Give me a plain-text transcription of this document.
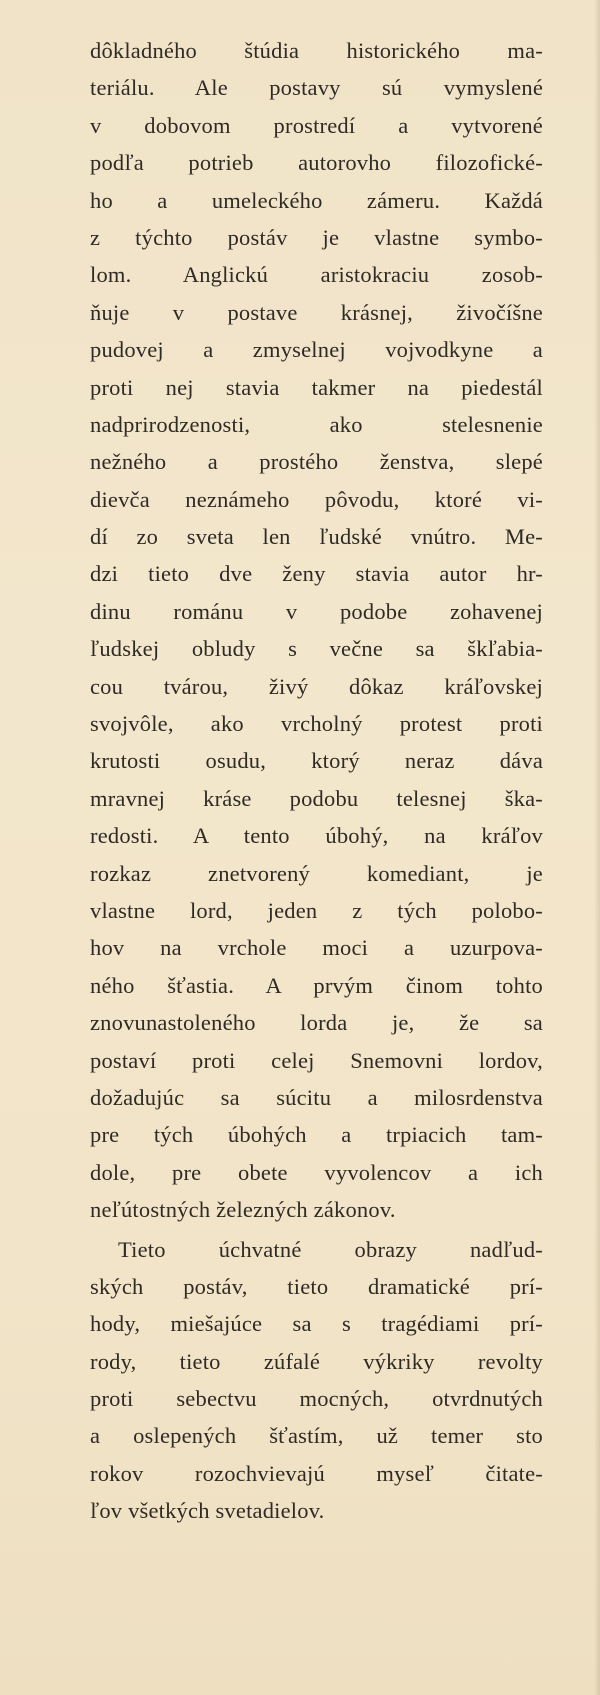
dôkladného štúdia historického ma-
teriálu. Ale postavy sú vymyslené
v dobovom prostredí a vytvorené
podľa potrieb autorovho filozofické-
ho a umeleckého zámeru. Každá
z týchto postáv je vlastne symbo-
lom. Anglickú aristokraciu zosob-
ňuje v postave krásnej, živočíšne
pudovej a zmyselnej vojvodkyne a
proti nej stavia takmer na piedestál
nadprirodzenosti, ako stelesnenie
nežného a prostého ženstva, slepé
dievča neznámeho pôvodu, ktoré vi-
dí zo sveta len ľudské vnútro. Me-
dzi tieto dve ženy stavia autor hr-
dinu románu v podobe zohavenej
ľudskej obludy s večne sa škľabia-
cou tvárou, živý dôkaz kráľovskej
svojvôle, ako vrcholný protest proti
krutosti osudu, ktorý neraz dáva
mravnej kráse podobu telesnej ška-
redosti. A tento úbohý, na kráľov
rozkaz znetvorený komediant, je
vlastne lord, jeden z tých polobo-
hov na vrchole moci a uzurpova-
ného šťastia. A prvým činom tohto
znovunastoleného lorda je, že sa
postaví proti celej Snemovni lordov,
dožadujúc sa súcitu a milosrdenstva
pre tých úbohých a trpiacich tam-
dole, pre obete vyvolencov a ich
neľútostných železných zákonov.
Tieto úchvatné obrazy nadľud-
ských postáv, tieto dramatické prí-
hody, miešajúce sa s tragédiami prí-
rody, tieto zúfalé výkriky revolty
proti sebectvu mocných, otvrdnutých
a oslepených šťastím, už temer sto
rokov rozochvievajú myseľ čitate-
ľov všetkých svetadielov.
